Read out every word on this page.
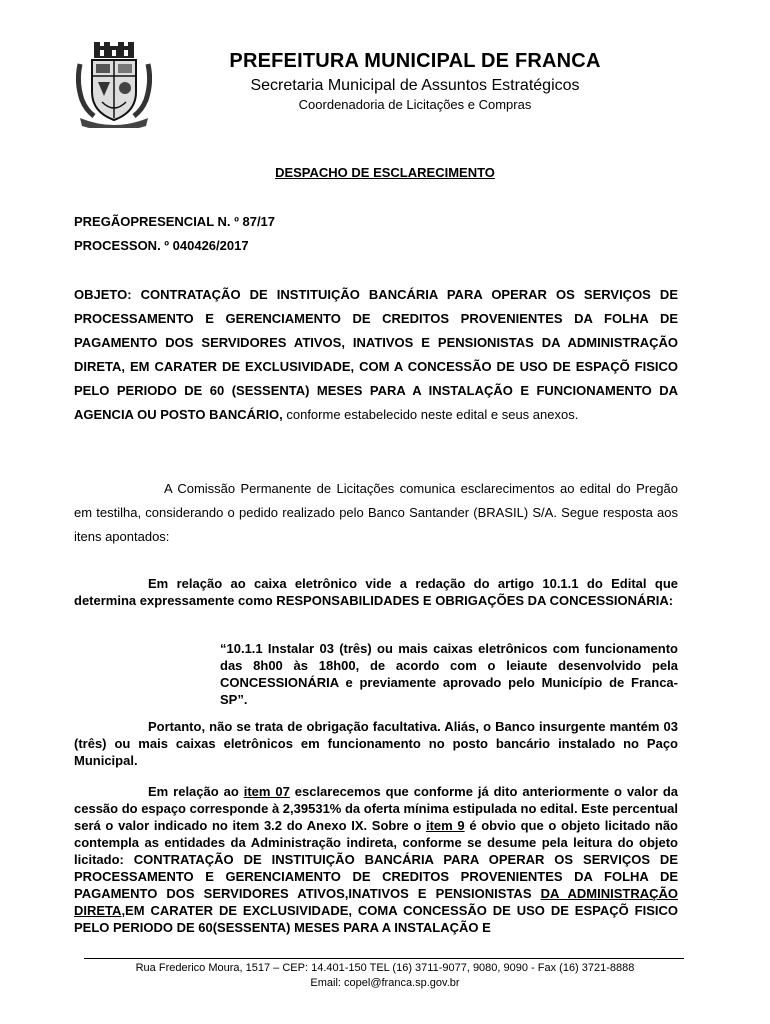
PREFEITURA MUNICIPAL DE FRANCA
Secretaria Municipal de Assuntos Estratégicos
Coordenadoria de Licitações e Compras
DESPACHO DE ESCLARECIMENTO
PREGÃOPRESENCIAL N. º 87/17
PROCESSON. º 040426/2017
OBJETO: CONTRATAÇÃO DE INSTITUIÇÃO BANCÁRIA PARA OPERAR OS SERVIÇOS DE PROCESSAMENTO E GERENCIAMENTO DE CREDITOS PROVENIENTES DA FOLHA DE PAGAMENTO DOS SERVIDORES ATIVOS, INATIVOS E PENSIONISTAS DA ADMINISTRAÇÃO DIRETA, EM CARATER DE EXCLUSIVIDADE, COM A CONCESSÃO DE USO DE ESPAÇÕ FISICO PELO PERIODO DE 60 (SESSENTA) MESES PARA A INSTALAÇÃO E FUNCIONAMENTO DA AGENCIA OU POSTO BANCÁRIO, conforme estabelecido neste edital e seus anexos.
A Comissão Permanente de Licitações comunica esclarecimentos ao edital do Pregão em testilha, considerando o pedido realizado pelo Banco Santander (BRASIL) S/A. Segue resposta aos itens apontados:
Em relação ao caixa eletrônico vide a redação do artigo 10.1.1 do Edital que determina expressamente como RESPONSABILIDADES E OBRIGAÇÕES DA CONCESSIONÁRIA:
“10.1.1 Instalar 03 (três) ou mais caixas eletrônicos com funcionamento das 8h00 às 18h00, de acordo com o leiaute desenvolvido pela CONCESSIONÁRIA e previamente aprovado pelo Município de Franca-SP”.
Portanto, não se trata de obrigação facultativa. Aliás, o Banco insurgente mantém 03 (três) ou mais caixas eletrônicos em funcionamento no posto bancário instalado no Paço Municipal.
Em relação ao item 07 esclarecemos que conforme já dito anteriormente o valor da cessão do espaço corresponde à 2,39531% da oferta mínima estipulada no edital. Este percentual será o valor indicado no item 3.2 do Anexo IX. Sobre o item 9 é obvio que o objeto licitado não contempla as entidades da Administração indireta, conforme se desume pela leitura do objeto licitado: CONTRATAÇÃO DE INSTITUIÇÃO BANCÁRIA PARA OPERAR OS SERVIÇOS DE PROCESSAMENTO E GERENCIAMENTO DE CREDITOS PROVENIENTES DA FOLHA DE PAGAMENTO DOS SERVIDORES ATIVOS,INATIVOS E PENSIONISTAS DA ADMINISTRAÇÃO DIRETA,EM CARATER DE EXCLUSIVIDADE, COMA CONCESSÃO DE USO DE ESPAÇÕ FISICO PELO PERIODO DE 60(SESSENTA) MESES PARA A INSTALAÇÃO E
Rua Frederico Moura, 1517 – CEP: 14.401-150 TEL (16) 3711-9077, 9080, 9090 - Fax (16) 3721-8888
Email: copel@franca.sp.gov.br
